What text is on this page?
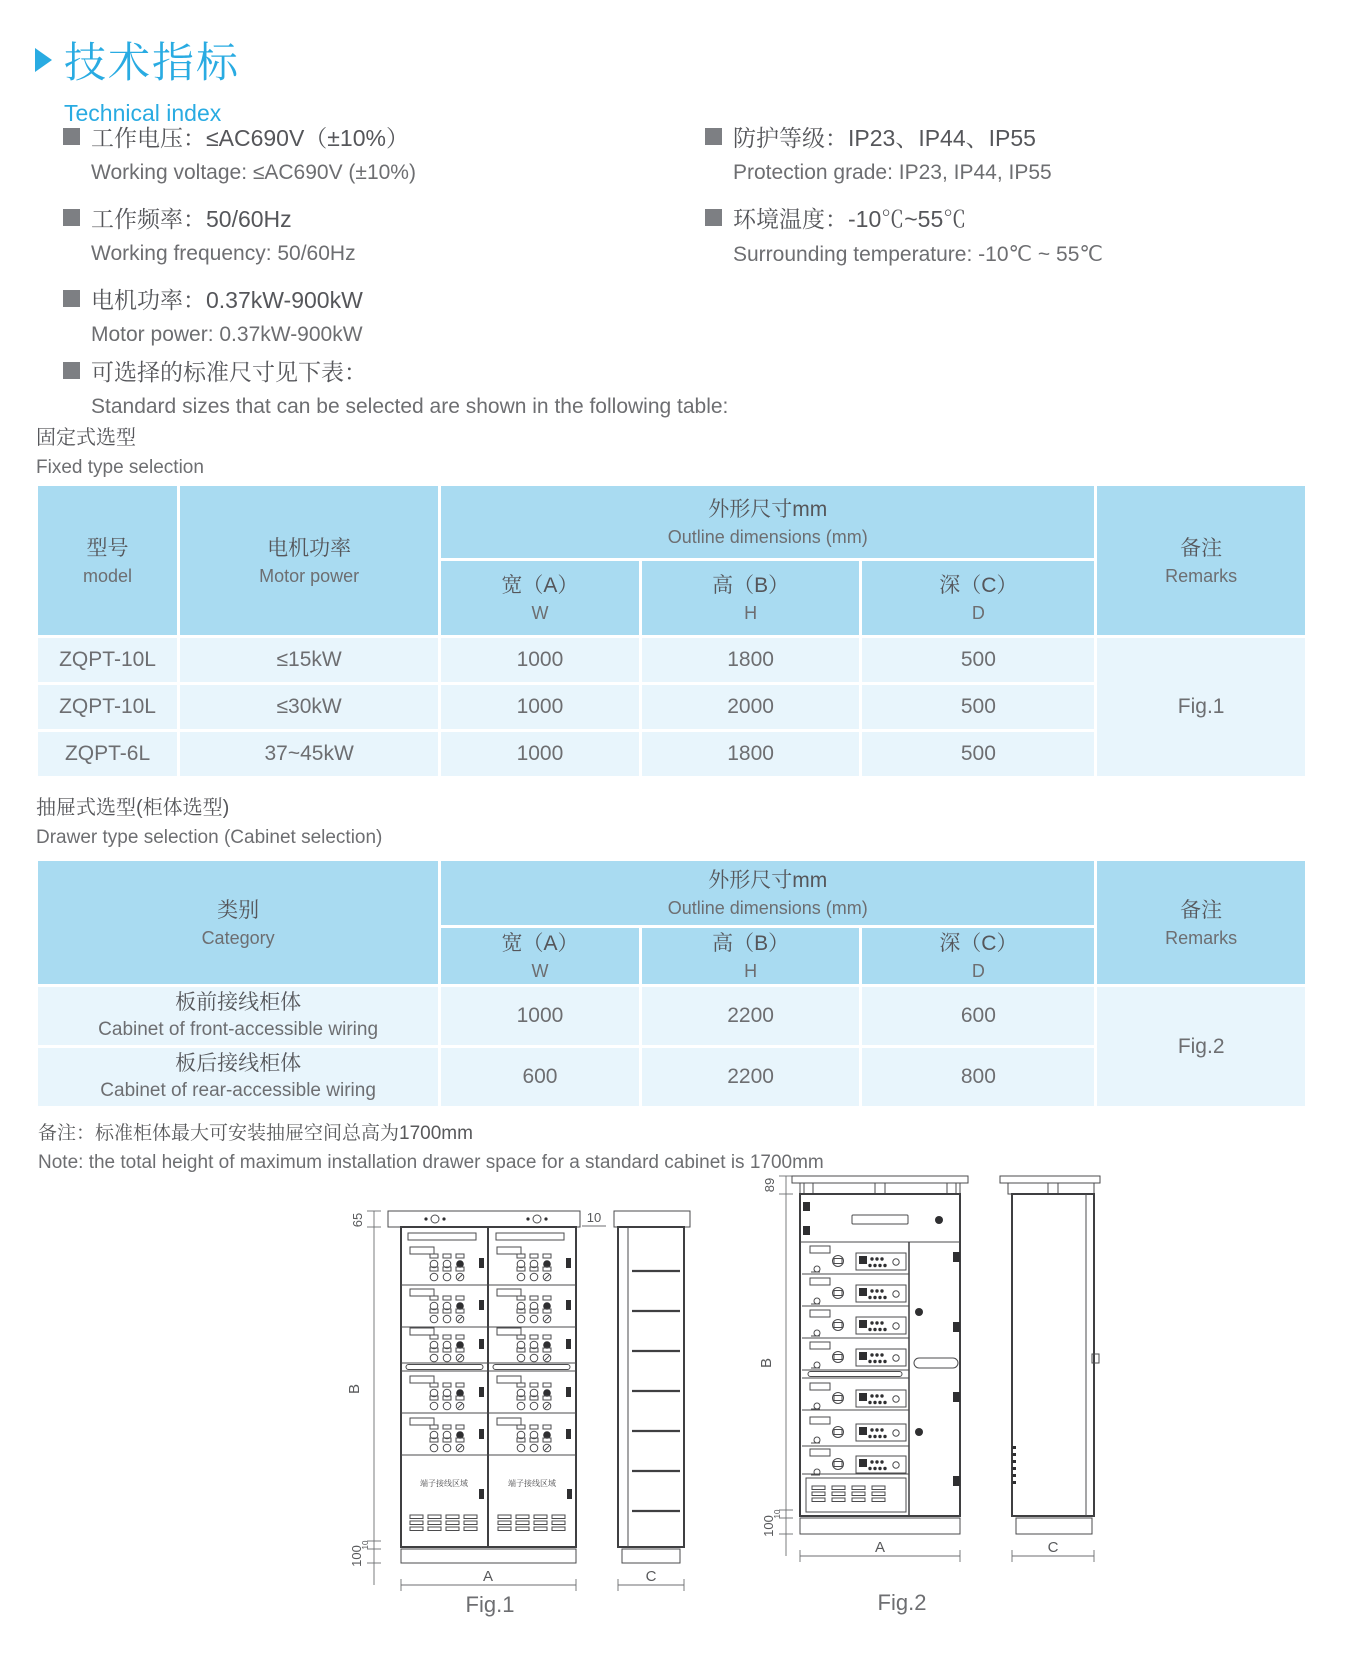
技术指标
Technical index
工作电压：≤AC690V（±10%）
Working voltage: ≤AC690V (±10%)
工作频率：50/60Hz
Working frequency: 50/60Hz
电机功率：0.37kW-900kW
Motor power: 0.37kW-900kW
防护等级：IP23、IP44、IP55
Protection grade: IP23, IP44, IP55
环境温度：-10℃~55℃
Surrounding temperature: -10℃ ~ 55℃
可选择的标准尺寸见下表：
Standard sizes that can be selected are shown in the following table:
固定式选型
Fixed type selection
型号
model

电机功率
Motor power

外形尺寸mm
Outline dimensions (mm)	备注
Remarks

宽（A）
W

高（B）
H

深（C）
D

ZQPT-10L	≤15kW	1000	1800	500	Fig.1
ZQPT-10L	≤30kW	1000	2000	500	
ZQPT-6L	37~45kW	1000	1800	500	
抽屉式选型(柜体选型)
Drawer type selection (Cabinet selection)
类别
Category

外形尺寸mm
Outline dimensions (mm)	备注
Remarks

宽（A）
W

高（B）
H

深（C）
D

板前接线柜体
Cabinet of front-accessible wiring	1000	2200	600	Fig.2

板后接线柜体
Cabinet of rear-accessible wiring	600	2200	800	
备注：标准柜体最大可安装抽屉空间总高为1700mm
Note: the total height of maximum installation drawer space for a standard cabinet is 1700mm
65
B
10
100
10
端子接线区域	端子接线区域
A	C
Fig.1
89
B
10
100
A	C
Fig.2
